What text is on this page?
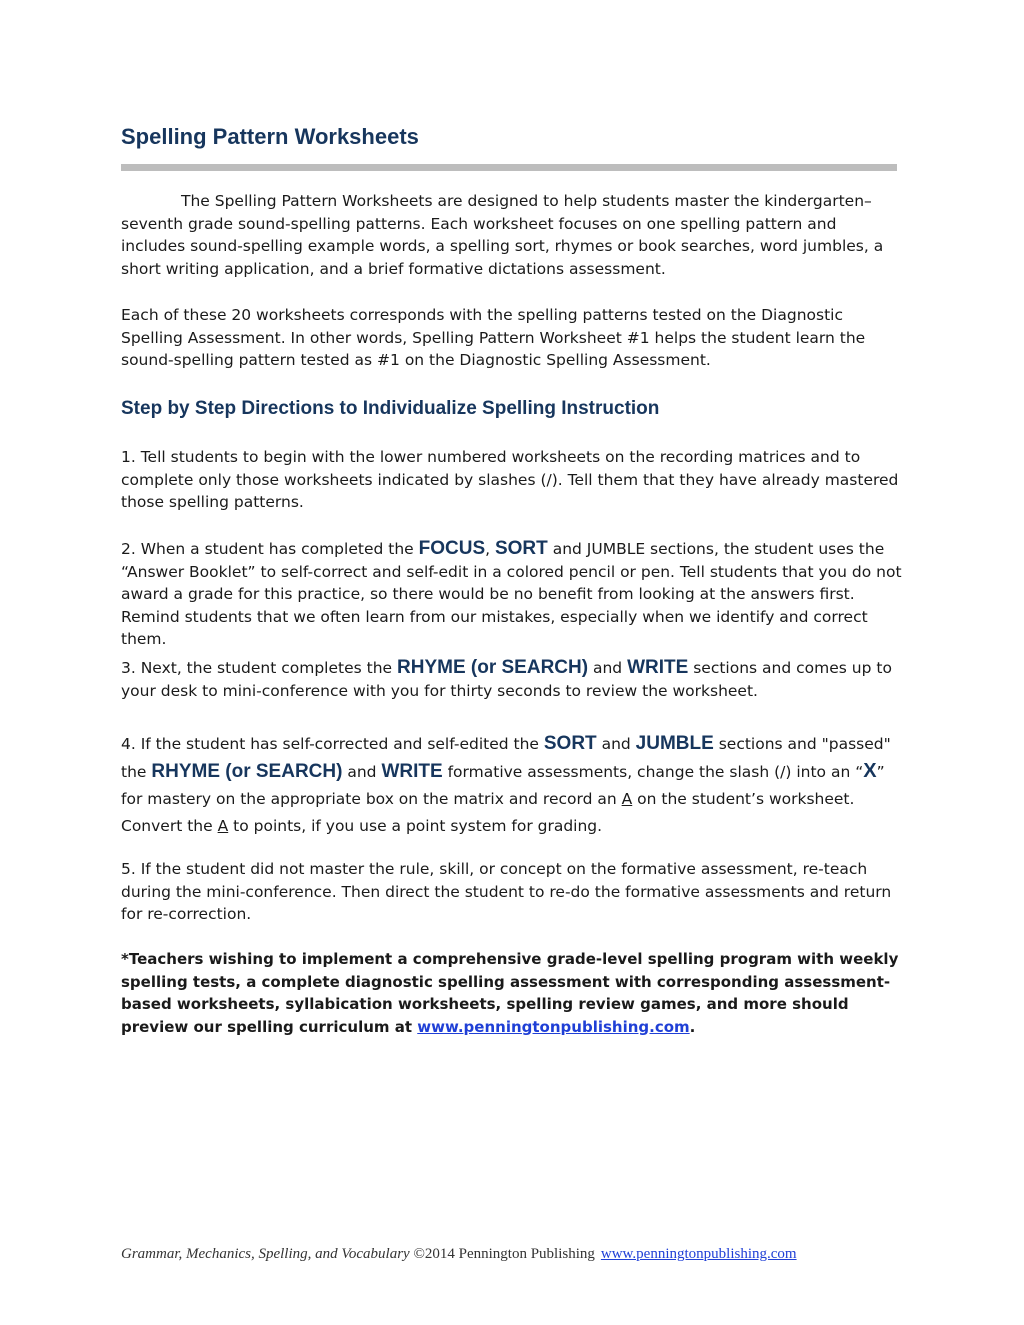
Spelling Pattern Worksheets

The Spelling Pattern Worksheets are designed to help students master the kindergarten–seventh grade sound-spelling patterns. Each worksheet focuses on one spelling pattern and includes sound-spelling example words, a spelling sort, rhymes or book searches, word jumbles, a short writing application, and a brief formative dictations assessment.

Each of these 20 worksheets corresponds with the spelling patterns tested on the Diagnostic Spelling Assessment. In other words, Spelling Pattern Worksheet #1 helps the student learn the sound-spelling pattern tested as #1 on the Diagnostic Spelling Assessment.

Step by Step Directions to Individualize Spelling Instruction

1. Tell students to begin with the lower numbered worksheets on the recording matrices and to complete only those worksheets indicated by slashes (/). Tell them that they have already mastered those spelling patterns.

2. When a student has completed the FOCUS, SORT and JUMBLE sections, the student uses the “Answer Booklet” to self-correct and self-edit in a colored pencil or pen. Tell students that you do not award a grade for this practice, so there would be no benefit from looking at the answers first. Remind students that we often learn from our mistakes, especially when we identify and correct them.

3. Next, the student completes the RHYME (or SEARCH) and WRITE sections and comes up to your desk to mini-conference with you for thirty seconds to review the worksheet.

4. If the student has self-corrected and self-edited the SORT and JUMBLE sections and "passed" the RHYME (or SEARCH) and WRITE formative assessments, change the slash (/) into an “X” for mastery on the appropriate box on the matrix and record an A on the student’s worksheet. Convert the A to points, if you use a point system for grading.

5. If the student did not master the rule, skill, or concept on the formative assessment, re-teach during the mini-conference. Then direct the student to re-do the formative assessments and return for re-correction.

*Teachers wishing to implement a comprehensive grade-level spelling program with weekly spelling tests, a complete diagnostic spelling assessment with corresponding assessment-based worksheets, syllabication worksheets, spelling review games, and more should preview our spelling curriculum at www.penningtonpublishing.com.

Grammar, Mechanics, Spelling, and Vocabulary ©2014 Pennington Publishing www.penningtonpublishing.com
